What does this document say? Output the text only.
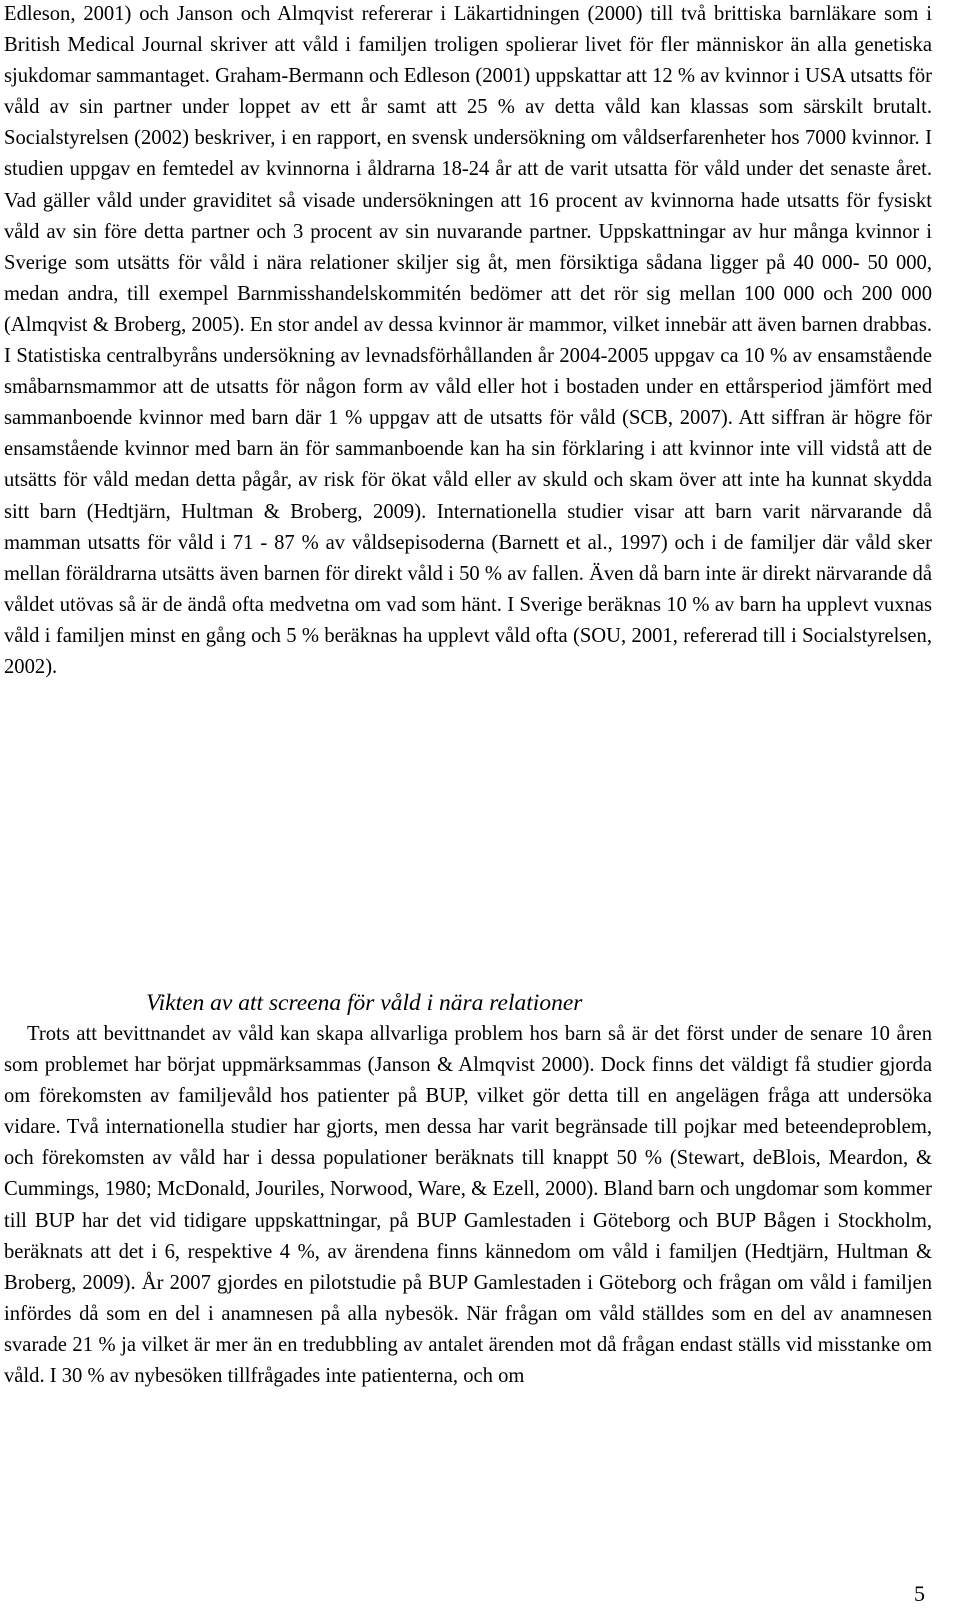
Edleson, 2001) och Janson och Almqvist refererar i Läkartidningen (2000) till två brittiska barnläkare som i British Medical Journal skriver att våld i familjen troligen spolierar livet för fler människor än alla genetiska sjukdomar sammantaget. Graham-Bermann och Edleson (2001) uppskattar att 12 % av kvinnor i USA utsatts för våld av sin partner under loppet av ett år samt att 25 % av detta våld kan klassas som särskilt brutalt. Socialstyrelsen (2002) beskriver, i en rapport, en svensk undersökning om våldserfarenheter hos 7000 kvinnor. I studien uppgav en femtedel av kvinnorna i åldrarna 18-24 år att de varit utsatta för våld under det senaste året. Vad gäller våld under graviditet så visade undersökningen att 16 procent av kvinnorna hade utsatts för fysiskt våld av sin före detta partner och 3 procent av sin nuvarande partner. Uppskattningar av hur många kvinnor i Sverige som utsätts för våld i nära relationer skiljer sig åt, men försiktiga sådana ligger på 40 000- 50 000, medan andra, till exempel Barnmisshandelskommitén bedömer att det rör sig mellan 100 000 och 200 000 (Almqvist & Broberg, 2005). En stor andel av dessa kvinnor är mammor, vilket innebär att även barnen drabbas. I Statistiska centralbyråns undersökning av levnadsförhållanden år 2004-2005 uppgav ca 10 % av ensamstående småbarnsmammor att de utsatts för någon form av våld eller hot i bostaden under en ettårsperiod jämfört med sammanboende kvinnor med barn där 1 % uppgav att de utsatts för våld (SCB, 2007). Att siffran är högre för ensamstående kvinnor med barn än för sammanboende kan ha sin förklaring i att kvinnor inte vill vidstå att de utsätts för våld medan detta pågår, av risk för ökat våld eller av skuld och skam över att inte ha kunnat skydda sitt barn (Hedtjärn, Hultman & Broberg, 2009). Internationella studier visar att barn varit närvarande då mamman utsatts för våld i 71 - 87 % av våldsepisoderna (Barnett et al., 1997) och i de familjer där våld sker mellan föräldrarna utsätts även barnen för direkt våld i 50 % av fallen. Även då barn inte är direkt närvarande då våldet utövas så är de ändå ofta medvetna om vad som hänt. I Sverige beräknas 10 % av barn ha upplevt vuxnas våld i familjen minst en gång och 5 % beräknas ha upplevt våld ofta (SOU, 2001, refererad till i Socialstyrelsen, 2002).

Vikten av att screena för våld i nära relationer

Trots att bevittnandet av våld kan skapa allvarliga problem hos barn så är det först under de senare 10 åren som problemet har börjat uppmärksammas (Janson & Almqvist 2000). Dock finns det väldigt få studier gjorda om förekomsten av familjevåld hos patienter på BUP, vilket gör detta till en angelägen fråga att undersöka vidare. Två internationella studier har gjorts, men dessa har varit begränsade till pojkar med beteendeproblem, och förekomsten av våld har i dessa populationer beräknats till knappt 50 % (Stewart, deBlois, Meardon, & Cummings, 1980; McDonald, Jouriles, Norwood, Ware, & Ezell, 2000). Bland barn och ungdomar som kommer till BUP har det vid tidigare uppskattningar, på BUP Gamlestaden i Göteborg och BUP Bågen i Stockholm, beräknats att det i 6, respektive 4 %, av ärendena finns kännedom om våld i familjen (Hedtjärn, Hultman & Broberg, 2009). År 2007 gjordes en pilotstudie på BUP Gamlestaden i Göteborg och frågan om våld i familjen infördes då som en del i anamnesen på alla nybesök. När frågan om våld ställdes som en del av anamnesen svarade 21 % ja vilket är mer än en tredubbling av antalet ärenden mot då frågan endast ställs vid misstanke om våld. I 30 % av nybesöken tillfrågades inte patienterna, och om

5
